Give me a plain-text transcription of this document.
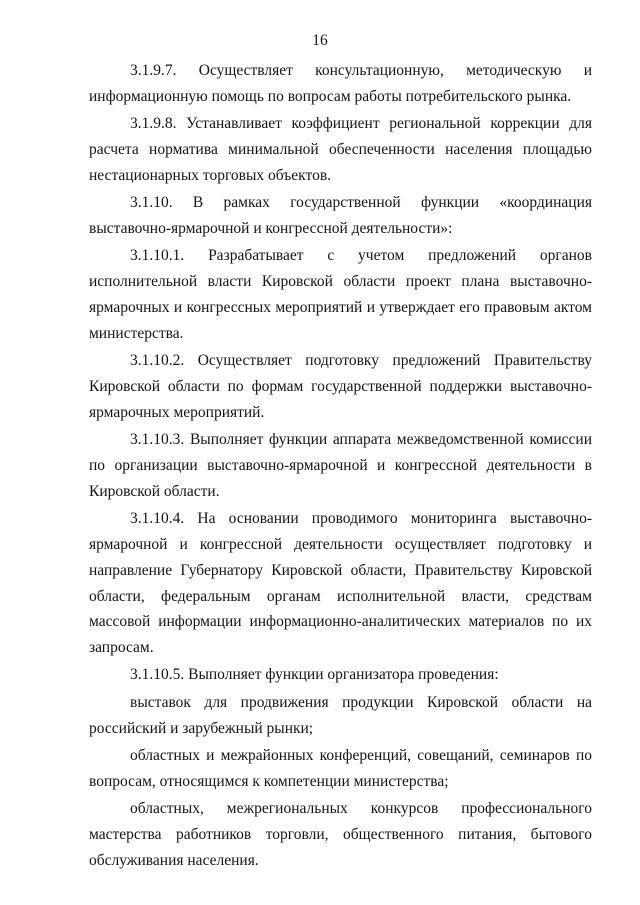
16

3.1.9.7. Осуществляет консультационную, методическую и информационную помощь по вопросам работы потребительского рынка.

3.1.9.8. Устанавливает коэффициент региональной коррекции для расчета норматива минимальной обеспеченности населения площадью нестационарных торговых объектов.

3.1.10. В рамках государственной функции «координация выставочно-ярмарочной и конгрессной деятельности»:

3.1.10.1. Разрабатывает с учетом предложений органов исполнительной власти Кировской области проект плана выставочно-ярмарочных и конгрессных мероприятий и утверждает его правовым актом министерства.

3.1.10.2. Осуществляет подготовку предложений Правительству Кировской области по формам государственной поддержки выставочно-ярмарочных мероприятий.

3.1.10.3. Выполняет функции аппарата межведомственной комиссии по организации выставочно-ярмарочной и конгрессной деятельности в Кировской области.

3.1.10.4. На основании проводимого мониторинга выставочно-ярмарочной и конгрессной деятельности осуществляет подготовку и направление Губернатору Кировской области, Правительству Кировской области, федеральным органам исполнительной власти, средствам массовой информации информационно-аналитических материалов по их запросам.

3.1.10.5. Выполняет функции организатора проведения:

выставок для продвижения продукции Кировской области на российский и зарубежный рынки;

областных и межрайонных конференций, совещаний, семинаров по вопросам, относящимся к компетенции министерства;

областных, межрегиональных конкурсов профессионального мастерства работников торговли, общественного питания, бытового обслуживания населения.
